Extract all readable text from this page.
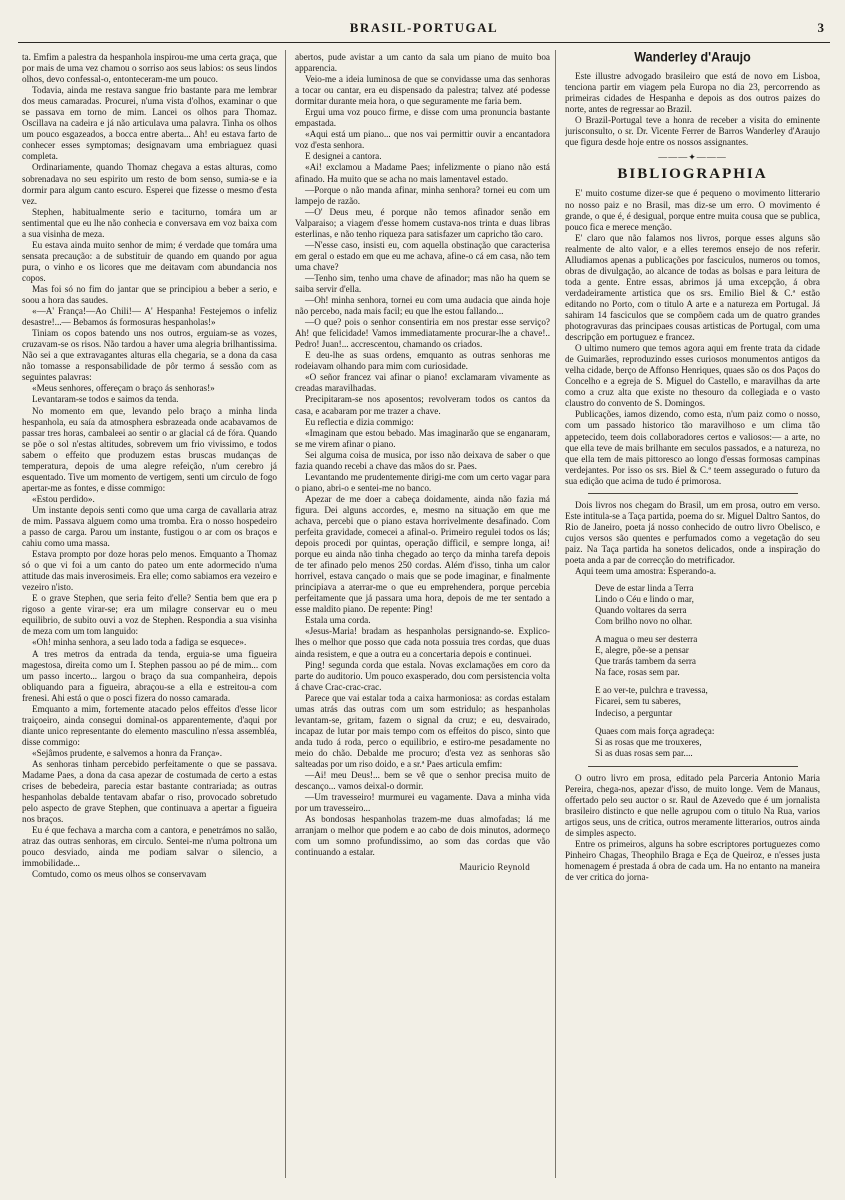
BRASIL-PORTUGAL	3

ta. Emfim a palestra da hespanhola inspirou-me uma certa graça, que por mais de uma vez chamou o sorriso aos seus labios: os seus lindos olhos, devo confessal-o, entonteceram-me um pouco.

Todavia, ainda me restava sangue frio bastante para me lembrar dos meus camaradas. Procurei, n'uma vista d'olhos, examinar o que se passava em torno de mim. Lancei os olhos para Thomaz. Oscillava na cadeira e já não articulava uma palavra. Tinha os olhos um pouco esgazeados, a bocca entre aberta... Ah! eu estava farto de conhecer esses symptomas; designavam uma embriaguez quasi completa.

Ordinariamente, quando Thomaz chegava a estas alturas, como sobrenadava no seu espirito um resto de bom senso, sumia-se e ia dormir para algum canto escuro. Esperei que fizesse o mesmo d'esta vez.

Stephen, habitualmente serio e taciturno, tomára um ar sentimental que eu lhe não conhecia e conversava em voz baixa com a sua visinha de meza.

Eu estava ainda muito senhor de mim; é verdade que tomára uma sensata precaução: a de substituir de quando em quando por agua pura, o vinho e os licores que me deitavam com abundancia nos copos.

Mas foi só no fim do jantar que se principiou a beber a serio, e soou a hora das saudes.

«—A' França!—Ao Chili!— A' Hespanha! Festejemos o infeliz desastre!...— Bebamos ás formosuras hespanholas!»

Tiniam os copos batendo uns nos outros, erguiam-se as vozes, cruzavam-se os risos. Não tardou a haver uma alegria brilhantissima. Não sei a que extravagantes alturas ella chegaria, se a dona da casa não tomasse a responsabilidade de pôr termo á sessão com as seguintes palavras:

«Meus senhores, offereçam o braço ás senhoras!»

Levantaram-se todos e saimos da tenda.

No momento em que, levando pelo braço a minha linda hespanhola, eu saía da atmosphera esbrazeada onde acabavamos de passar tres horas, cambaleei ao sentir o ar glacial cá de fóra. Quando se põe o sol n'estas altitudes, sobrevem um frio vivissimo, e todos sabem o effeito que produzem estas bruscas mudanças de temperatura, depois de uma alegre refeição, n'um cerebro já esquentado. Tive um momento de vertigem, senti um circulo de fogo apertar-me as fontes, e disse commigo:

«Estou perdido».

Um instante depois senti como que uma carga de cavallaria atraz de mim. Passava alguem como uma tromba. Era o nosso hospedeiro a passo de carga. Parou um instante, fustigou o ar com os braços e cahiu como uma massa.

Estava prompto por doze horas pelo menos. Emquanto a Thomaz só o que vi foi a um canto do pateo um ente adormecido n'uma attitude das mais inverosimeis. Era elle; como sabiamos era vezeiro e vezeiro n'isto.

E o grave Stephen, que seria feito d'elle? Sentia bem que era p rigoso a gente virar-se; era um milagre conservar eu o meu equilibrio, de subito ouvi a voz de Stephen. Respondia a sua visinha de meza com um tom languido:

«Oh! minha senhora, a seu lado toda a fadiga se esquece».

A tres metros da entrada da tenda, erguia-se uma figueira magestosa, direita como um I. Stephen passou ao pé de mim... com um passo incerto... largou o braço da sua companheira, depois obliquando para a figueira, abraçou-se a ella e estreitou-a com frenesi. Ahi está o que o posci fizera do nosso camarada.

Emquanto a mim, fortemente atacado pelos effeitos d'esse licor traiçoeiro, ainda consegui dominal-os apparentemente, d'aqui por diante unico representante do elemento masculino n'essa assembléa, disse commigo:

«Sejâmos prudente, e salvemos a honra da França».

As senhoras tinham percebido perfeitamente o que se passava. Madame Paes, a dona da casa apezar de costumada de certo a estas crises de bebedeira, parecia estar bastante contrariada; as outras hespanholas debalde tentavam abafar o riso, provocado sobretudo pelo aspecto de grave Stephen, que continuava a apertar a figueira nos braços.

Eu é que fechava a marcha com a cantora, e penetrámos no salão, atraz das outras senhoras, em circulo. Sentei-me n'uma poltrona um pouco desviado, ainda me podiam salvar o silencio, a immobilidade...

Comtudo, como os meus olhos se conservavam

abertos, pude avistar a um canto da sala um piano de muito boa apparencia.

Veio-me a ideia luminosa de que se convidasse uma das senhoras a tocar ou cantar, era eu dispensado da palestra; talvez até podesse dormitar durante meia hora, o que seguramente me faria bem.

Ergui uma voz pouco firme, e disse com uma pronuncia bastante empastada.

«Aqui está um piano... que nos vai permittir ouvir a encantadora voz d'esta senhora.

E designei a cantora.

«Ai! exclamou a Madame Paes; infelizmente o piano não está afinado. Ha muito que se acha no mais lamentavel estado.

—Porque o não manda afinar, minha senhora? tornei eu com um lampejo de razão.

—O' Deus meu, é porque não temos afinador senão em Valparaiso; a viagem d'esse homem custava-nos trinta e duas libras esterlinas, e não tenho riqueza para satisfazer um capricho tão caro.

—N'esse caso, insisti eu, com aquella obstinação que caracterisa em geral o estado em que eu me achava, afine-o cá em casa, não tem uma chave?

—Tenho sim, tenho uma chave de afinador; mas não ha quem se saiba servir d'ella.

—Oh! minha senhora, tornei eu com uma audacia que ainda hoje não percebo, nada mais facil; eu que lhe estou fallando...

—O que? pois o senhor consentiria em nos prestar esse serviço? Ah! que felicidade! Vamos immediatamente procurar-lhe a chave!.. Pedro! Juan!... accrescentou, chamando os criados.

E deu-lhe as suas ordens, emquanto as outras senhoras me rodeiavam olhando para mim com curiosidade.

«O señor francez vai afinar o piano! exclamaram vivamente as creadas maravilhadas.

Precipitaram-se nos aposentos; revolveram todos os cantos da casa, e acabaram por me trazer a chave.

Eu reflectia e dizia commigo:

«Imaginam que estou bebado. Mas imaginarão que se enganaram, se me virem afinar o piano.

Sei alguma coisa de musica, por isso não deixava de saber o que fazia quando recebi a chave das mãos do sr. Paes.

Levantando me prudentemente dirigi-me com um certo vagar para o piano, abri-o e sentei-me no banco.

Apezar de me doer a cabeça doidamente, ainda não fazia má figura. Dei alguns accordes, e, mesmo na situação em que me achava, percebi que o piano estava horrivelmente desafinado. Com perfeita gravidade, comecei a afinal-o. Primeiro regulei todos os lás; depois procedi por quintas, operação difficil, e sempre longa, ai! porque eu ainda não tinha chegado ao terço da minha tarefa depois de ter afinado pelo menos 250 cordas. Além d'isso, tinha um calor horrivel, estava cançado o mais que se pode imaginar, e finalmente principiava a aterrar-me o que eu emprehendera, porque percebia perfeitamente que já passara uma hora, depois de me ter sentado a esse maldito piano. De repente: Ping!

Estala uma corda.

«Jesus-Maria! bradam as hespanholas persignando-se. Explico-lhes o melhor que posso que cada nota possuia tres cordas, que duas ainda resistem, e que a outra eu a concertaria depois e continuei.

Ping! segunda corda que estala. Novas exclamações em coro da parte do auditorio. Um pouco exasperado, dou com persistencia volta á chave Crac-crac-crac.

Parece que vai estalar toda a caixa harmoniosa: as cordas estalam umas atrás das outras com um som estridulo; as hespanholas levantam-se, gritam, fazem o signal da cruz; e eu, desvairado, incapaz de lutar por mais tempo com os effeitos do pisco, sinto que anda tudo á roda, perco o equilibrio, e estiro-me pesadamente no meio do chão. Debalde me procuro; d'esta vez as senhoras são salteadas por um riso doido, e a sr.ª Paes articula emfim:

—Ai! meu Deus!... bem se vê que o senhor precisa muito de descanço... vamos deixal-o dormir.

—Um travesseiro! murmurei eu vagamente. Dava a minha vida por um travesseiro...

As bondosas hespanholas trazem-me duas almofadas; lá me arranjam o melhor que podem e ao cabo de dois minutos, adormeço com um somno profundissimo, ao som das cordas que vão continuando a estalar.

Mauricio Reynold
Wanderley d'Araujo

Este illustre advogado brasileiro que está de novo em Lisboa, tenciona partir em viagem pela Europa no dia 23, percorrendo as primeiras cidades de Hespanha e depois as dos outros paizes do norte, antes de regressar ao Brazil.

O Brazil-Portugal teve a honra de receber a visita do eminente jurisconsulto, o sr. Dr. Vicente Ferrer de Barros Wanderley d'Araujo que figura desde hoje entre os nossos assignantes.

―――✦―――
BIBLIOGRAPHIA

E' muito costume dizer-se que é pequeno o movimento litterario no nosso paiz e no Brasil, mas diz-se um erro. O movimento é grande, o que é, é desigual, porque entre muita cousa que se publica, pouco fica e merece menção.

E' claro que não falamos nos livros, porque esses alguns são realmente de alto valor, e a elles teremos ensejo de nos referir. Alludiamos apenas a publicações por fasciculos, numeros ou tomos, obras de divulgação, ao alcance de todas as bolsas e para leitura de toda a gente. Entre essas, abrimos já uma excepção, á obra verdadeiramente artistica que os srs. Emilio Biel & C.ª estão editando no Porto, com o titulo A arte e a natureza em Portugal. Já sahiram 14 fasciculos que se compõem cada um de quatro grandes photogravuras das principaes cousas artisticas de Portugal, com uma descripção em portuguez e francez.

O ultimo numero que temos agora aqui em frente trata da cidade de Guimarães, reproduzindo esses curiosos monumentos antigos da velha cidade, berço de Affonso Henriques, quaes são os dos Paços do Concelho e a egreja de S. Miguel do Castello, e maravilhas da arte como a cruz alta que existe no thesouro da collegiada e o vasto claustro do convento de S. Domingos.

Publicações, iamos dizendo, como esta, n'um paiz como o nosso, com um passado historico tão maravilhoso e um clima tão appetecido, teem dois collaboradores certos e valiosos:— a arte, no que ella teve de mais brilhante em seculos passados, e a natureza, no que ella tem de mais pittoresco ao longo d'essas formosas campinas verdejantes. Por isso os srs. Biel & C.ª teem assegurado o futuro da sua edição que acima de tudo é primorosa.

Dois livros nos chegam do Brasil, um em prosa, outro em verso. Este intitula-se a Taça partida, poema do sr. Miguel Daltro Santos, do Rio de Janeiro, poeta já nosso conhecido de outro livro Obelisco, e cujos versos são quentes e perfumados como a vegetação do seu paiz. Na Taça partida ha sonetos delicados, onde a inspiração do poeta anda a par de correcção do metrificador.

Aqui teem uma amostra: Esperando-a.

Deve de estar linda a Terra
Lindo o Céu e lindo o mar,
Quando voltares da serra
Com brilho novo no olhar.
A magua o meu ser desterra
E, alegre, põe-se a pensar
Que trarás tambem da serra
Na face, rosas sem par.
E ao ver-te, pulchra e travessa,
Ficarei, sem tu saberes,
Indeciso, a perguntar
Quaes com mais força agradeça:
Si as rosas que me trouxeres,
Si as duas rosas sem par....

O outro livro em prosa, editado pela Parceria Antonio Maria Pereira, chega-nos, apezar d'isso, de muito longe. Vem de Manaus, offertado pelo seu auctor o sr. Raul de Azevedo que é um jornalista brasileiro distincto e que nelle agrupou com o titulo Na Rua, varios artigos seus, uns de critica, outros meramente litterarios, outros ainda de simples aspecto.

Entre os primeiros, alguns ha sobre escriptores portuguezes como Pinheiro Chagas, Theophilo Braga e Eça de Queiroz, e n'esses justa homenagem é prestada á obra de cada um. Ha no entanto na maneira de ver critica do jorna-
